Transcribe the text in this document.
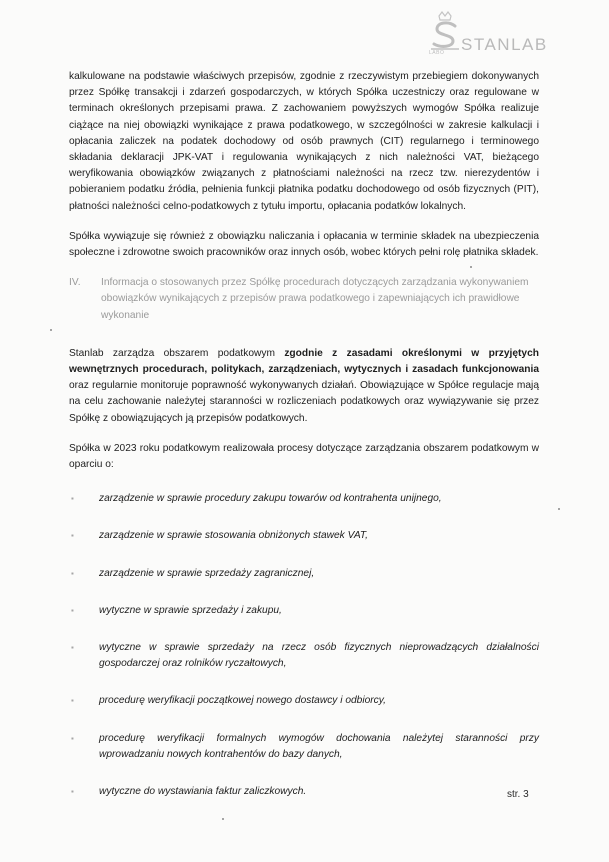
LABO STANLAB

kalkulowane na podstawie właściwych przepisów, zgodnie z rzeczywistym przebiegiem dokonywanych przez Spółkę transakcji i zdarzeń gospodarczych, w których Spółka uczestniczy oraz regulowane w terminach określonych przepisami prawa. Z zachowaniem powyższych wymogów Spółka realizuje ciążące na niej obowiązki wynikające z prawa podatkowego, w szczególności w zakresie kalkulacji i opłacania zaliczek na podatek dochodowy od osób prawnych (CIT) regularnego i terminowego składania deklaracji JPK-VAT i regulowania wynikających z nich należności VAT, bieżącego weryfikowania obowiązków związanych z płatnościami należności na rzecz tzw. nierezydentów i pobieraniem podatku źródła, pełnienia funkcji płatnika podatku dochodowego od osób fizycznych (PIT), płatności należności celno-podatkowych z tytułu importu, opłacania podatków lokalnych.

Spółka wywiązuje się również z obowiązku naliczania i opłacania w terminie składek na ubezpieczenia społeczne i zdrowotne swoich pracowników oraz innych osób, wobec których pełni rolę płatnika składek.

IV. Informacja o stosowanych przez Spółkę procedurach dotyczących zarządzania wykonywaniem obowiązków wynikających z przepisów prawa podatkowego i zapewniających ich prawidłowe wykonanie

Stanlab zarządza obszarem podatkowym zgodnie z zasadami określonymi w przyjętych wewnętrznych procedurach, politykach, zarządzeniach, wytycznych i zasadach funkcjonowania oraz regularnie monitoruje poprawność wykonywanych działań. Obowiązujące w Spółce regulacje mają na celu zachowanie należytej staranności w rozliczeniach podatkowych oraz wywiązywanie się przez Spółkę z obowiązujących ją przepisów podatkowych.

Spółka w 2023 roku podatkowym realizowała procesy dotyczące zarządzania obszarem podatkowym w oparciu o:

▪ zarządzenie w sprawie procedury zakupu towarów od kontrahenta unijnego,
▪ zarządzenie w sprawie stosowania obniżonych stawek VAT,
▪ zarządzenie w sprawie sprzedaży zagranicznej,
▪ wytyczne w sprawie sprzedaży i zakupu,
▪ wytyczne w sprawie sprzedaży na rzecz osób fizycznych nieprowadzących działalności gospodarczej oraz rolników ryczałtowych,
▪ procedurę weryfikacji początkowej nowego dostawcy i odbiorcy,
▪ procedurę weryfikacji formalnych wymogów dochowania należytej staranności przy wprowadzaniu nowych kontrahentów do bazy danych,
▪ wytyczne do wystawiania faktur zaliczkowych.	str. 3
